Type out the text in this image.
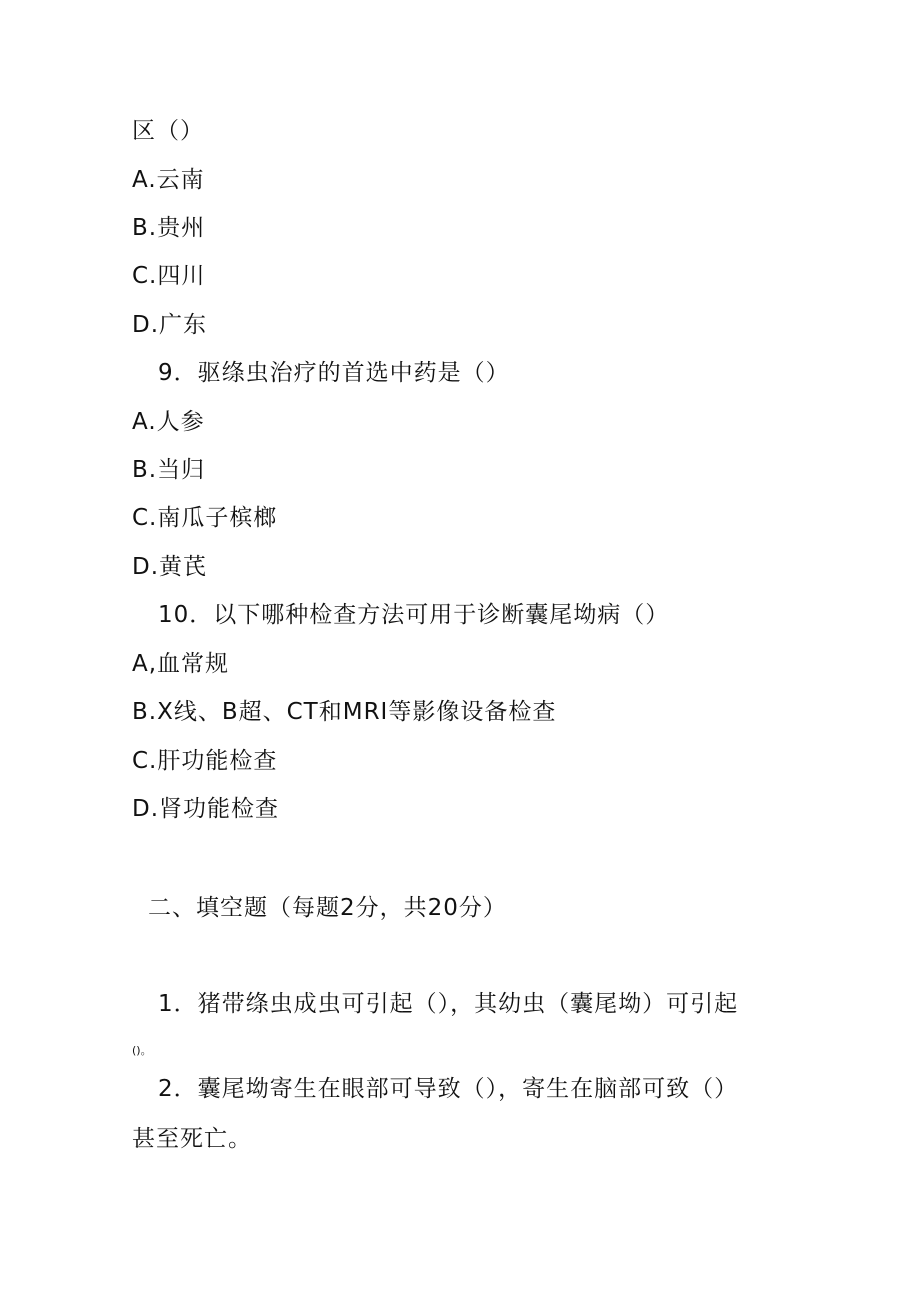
区（）
A.云南
B.贵州
C.四川
D.广东
9．驱绦虫治疗的首选中药是（）
A.人参
B.当归
C.南瓜子槟榔
D.黄芪
10．以下哪种检查方法可用于诊断囊尾坳病（）
A,血常规
B.X线、B超、CT和MRI等影像设备检查
C.肝功能检查
D.肾功能检查
二、填空题（每题2分，共20分）
1．猪带绦虫成虫可引起（），其幼虫（囊尾坳）可引起
()。
2．囊尾坳寄生在眼部可导致（），寄生在脑部可致（）
甚至死亡。
